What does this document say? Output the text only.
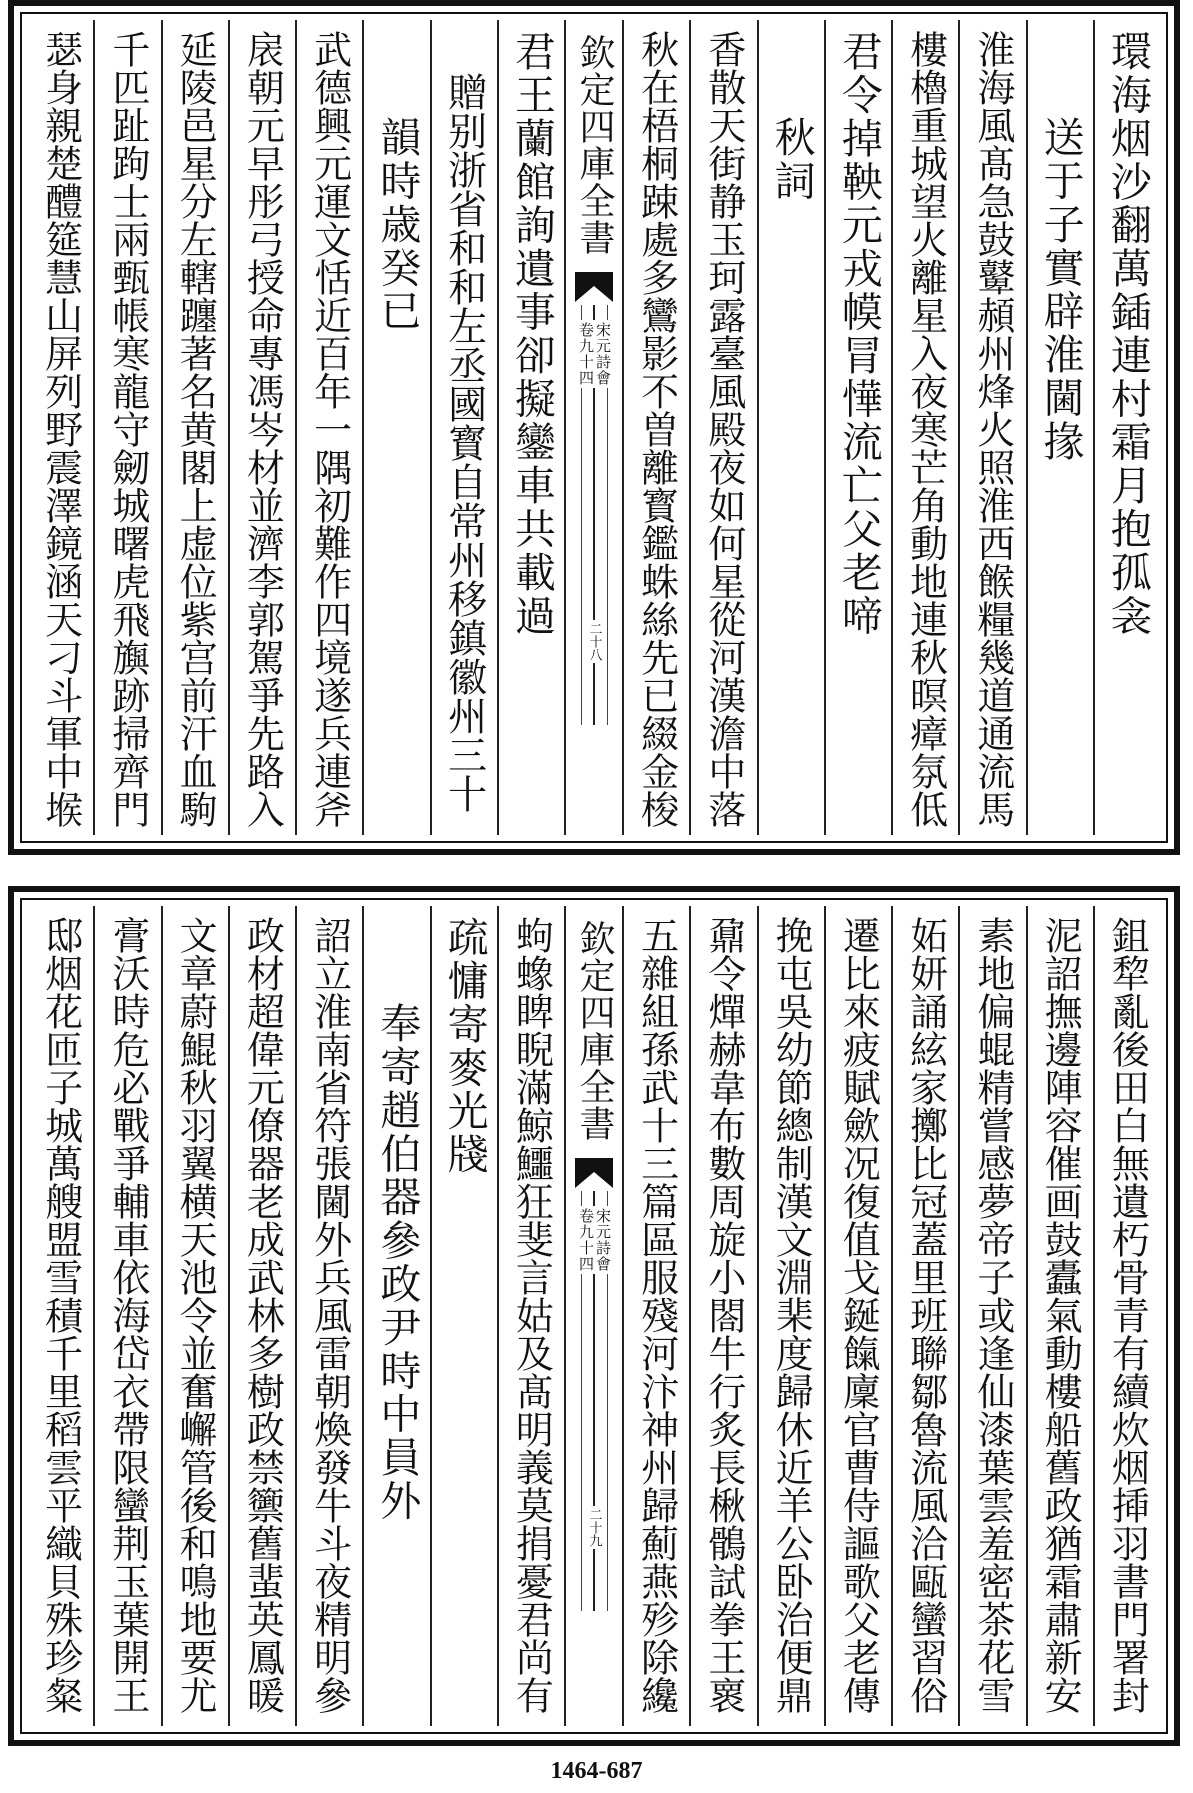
環海烟沙翻萬鍤連村霜月抱孤衾
送于子實辟淮閫掾
淮海風髙急鼓鼙頳州烽火照淮西餱糧幾道通流馬
樓櫓重城望火離星入夜寒芒角動地連秋暝瘴氛低
君令掉鞅元戎幙冐㦊流亡父老啼
秋詞
香散天街静玉珂露臺風殿夜如何星從河漢澹中落
秋在梧桐踈處多鸞影不曽離寳鑑蛛絲先已綴金梭
欽定四庫全書
宋元詩會
卷九十四
二十八
君王蘭館詢遺事卻擬鑾車共載過
贈别浙省和和左丞國寳自常州移鎮徽州三十
韻時歳癸已
武德興元運文恬近百年一隅初難作四境遂兵連斧
扆朝元早彤弓授命專馮岑材並濟李郭駕爭先路入
延陵邑星分左轄躔著名黄閣上虚位紫宫前汗血駒
千匹趾跔士兩甄帳寒龍守劒城曙虎飛旟跡掃齊門
瑟身親楚醴筵慧山屏列野震澤鏡涵天刁斗軍中堠
鉏犂亂後田白無遺朽骨青有續炊烟揷羽書門署封
泥詔撫邊陣容催画鼓蠹氣動樓船舊政猶霜肅新安
素地偏蜫精嘗感夢帝子或逢仙漆葉雲羞密茶花雪
妬妍誦絃家擲比冠蓋里班聯鄒魯流風洽甌蠻習俗
遷比來疲賦歛况復值戈鋋餼廩官曹侍謳歌父老傳
挽屯吳幼節總制漢文淵棐度歸休近羊公卧治便鼎
鼐令燀赫韋布數周旋小閤牛行炙長楸鶻試拳王褱
五雜組孫武十三篇區服殘河汴神州歸薊燕殄除纔
欽定四庫全書
宋元詩會
卷九十四
二十九
蚼蟓睥睨滿鯨鱷狂斐言姑及髙明義莫捐憂君尚有
疏慵寄麥光牋
奉寄趙伯器參政尹時中員外
詔立淮南省符張閫外兵風雷朝煥發牛斗夜精明參
政材超偉元僚器老成武林多樹政禁籞舊蜚英鳳暖
文章蔚鯤秋羽翼横天池令並奮嶰管後和鳴地要尤
膏沃時危必戰爭輔車依海岱衣帶限蠻荆玉葉開王
邸烟花匝子城萬艘盟雪積千里稻雲平織貝殊珍粲
1464-687
